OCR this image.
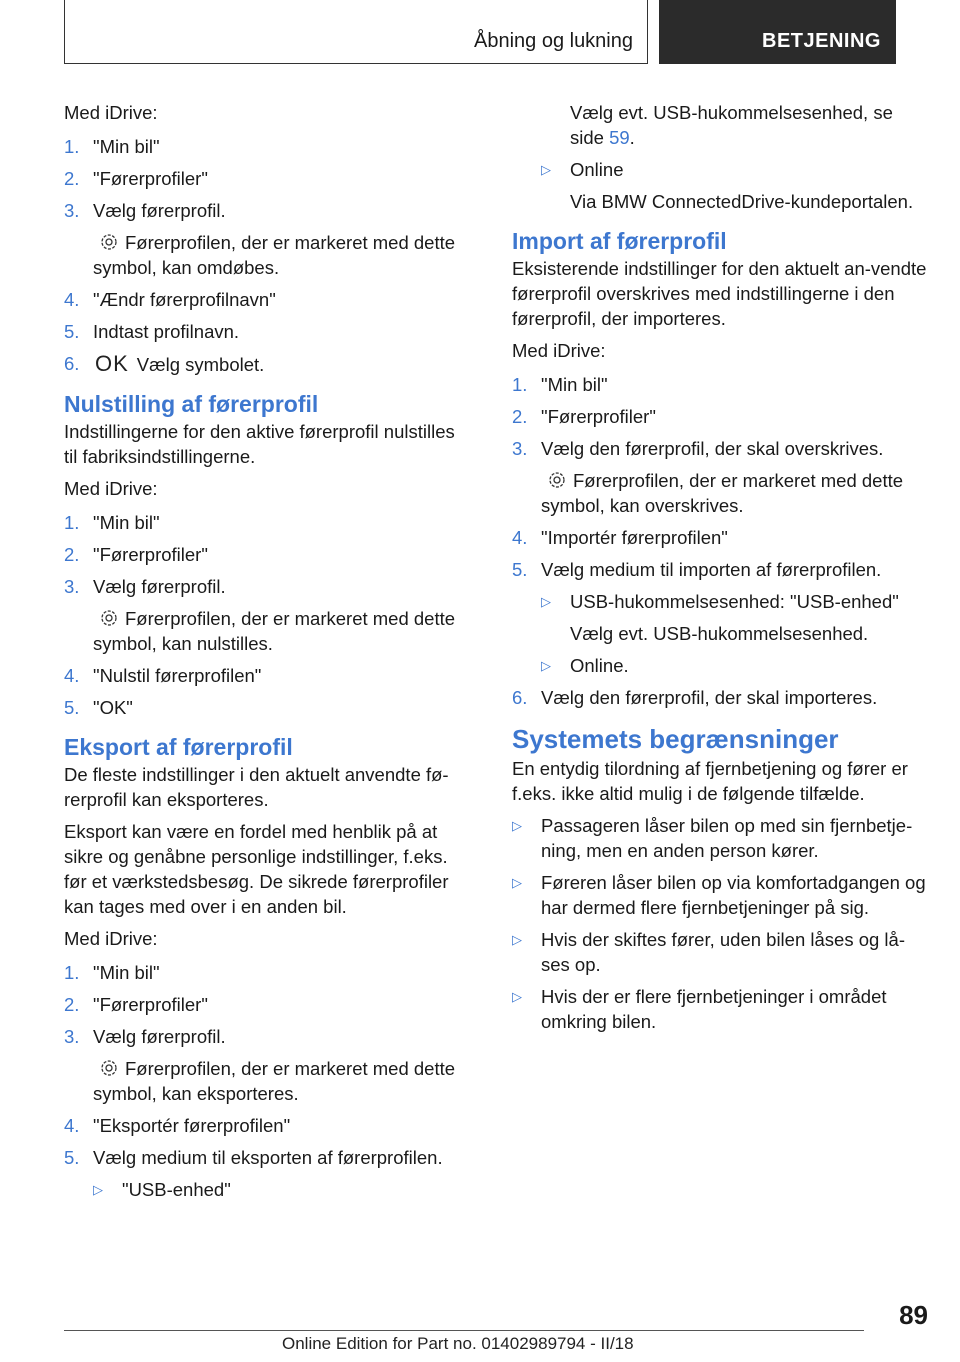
Åbning og lukning	BETJENING

Med iDrive:

1. "Min bil"
2. "Førerprofiler"
3. Vælg førerprofil.
Førerprofilen, der er markeret med dette symbol, kan omdøbes.
4. "Ændr førerprofilnavn"
5. Indtast profilnavn.
6. OK Vælg symbolet.
Nulstilling af førerprofil

Indstillingerne for den aktive førerprofil nulstilles til fabriksindstillingerne.

Med iDrive:

1. "Min bil"
2. "Førerprofiler"
3. Vælg førerprofil.
Førerprofilen, der er markeret med dette symbol, kan nulstilles.
4. "Nulstil førerprofilen"
5. "OK"
Eksport af førerprofil

De fleste indstillinger i den aktuelt anvendte fø-rerprofil kan eksporteres.

Eksport kan være en fordel med henblik på at sikre og genåbne personlige indstillinger, f.eks. før et værkstedsbesøg. De sikrede førerprofiler kan tages med over i en anden bil.

Med iDrive:

1. "Min bil"
2. "Førerprofiler"
3. Vælg førerprofil.
Førerprofilen, der er markeret med dette symbol, kan eksporteres.
4. "Eksportér førerprofilen"
5. Vælg medium til eksporten af førerprofilen.
▷ "USB-enhed"
Vælg evt. USB-hukommelsesenhed, se side 59.
▷ Online
Via BMW ConnectedDrive-kundeportalen.
Import af førerprofil

Eksisterende indstillinger for den aktuelt an-vendte førerprofil overskrives med indstillingerne i den førerprofil, der importeres.

Med iDrive:

1. "Min bil"
2. "Førerprofiler"
3. Vælg den førerprofil, der skal overskrives.
Førerprofilen, der er markeret med dette symbol, kan overskrives.
4. "Importér førerprofilen"
5. Vælg medium til importen af førerprofilen.
▷ USB-hukommelsesenhed: "USB-enhed"
Vælg evt. USB-hukommelsesenhed.
▷ Online.
6. Vælg den førerprofil, der skal importeres.
Systemets begrænsninger

En entydig tilordning af fjernbetjening og fører er f.eks. ikke altid mulig i de følgende tilfælde.

▷ Passageren låser bilen op med sin fjernbetje-ning, men en anden person kører.
▷ Føreren låser bilen op via komfortadgangen og har dermed flere fjernbetjeninger på sig.
▷ Hvis der skiftes fører, uden bilen låses og lå-ses op.
▷ Hvis der er flere fjernbetjeninger i området omkring bilen.
89
Online Edition for Part no. 01402989794 - II/18
